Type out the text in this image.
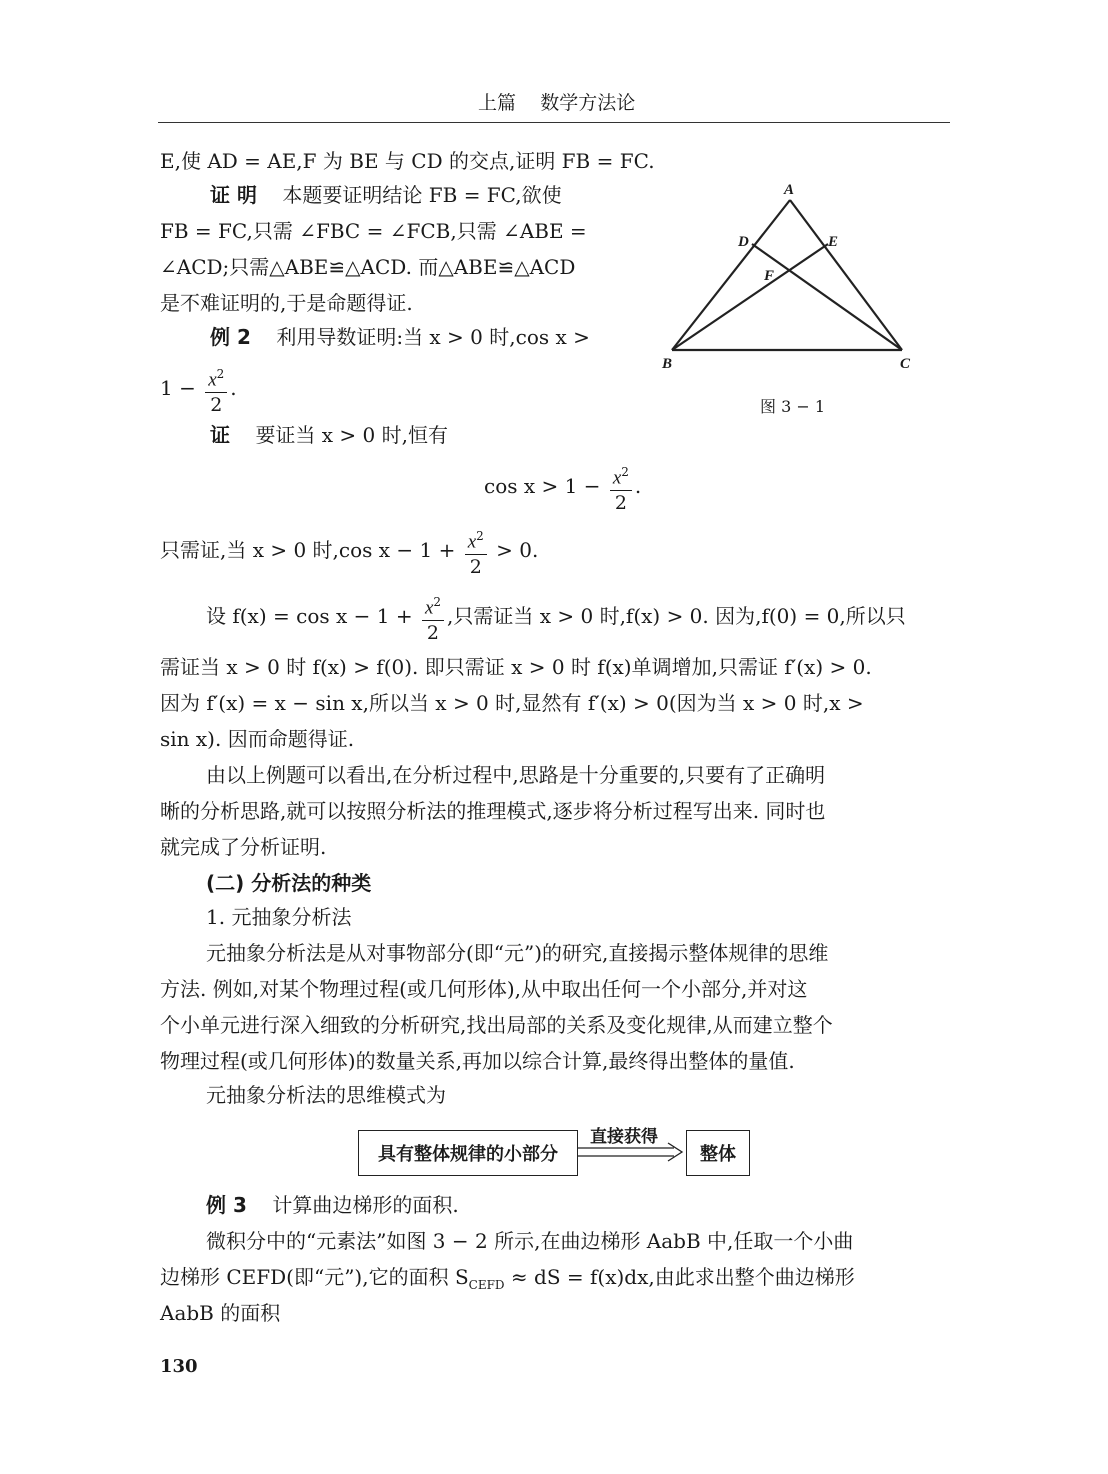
上篇 数学方法论
E,使 AD = AE,F 为 BE 与 CD 的交点,证明 FB = FC.
证 明 本题要证明结论 FB = FC,欲使
FB = FC,只需 ∠FBC = ∠FCB,只需 ∠ABE =
∠ACD;只需△ABE≌△ACD. 而△ABE≌△ACD
是不难证明的,于是命题得证.
例 2 利用导数证明:当 x > 0 时,cos x >
$1 - \frac{x^2}{2}$ .
证 要证当 x > 0 时,恒有
$\cos x > 1 - \frac{x^2}{2}$ .
只需证,当 x > 0 时,cos $x - 1 + \frac{x^2}{2} > 0$.
设 $f(x) = \cos x - 1 + \frac{x^2}{2}$ ,只需证当 x > 0 时,f(x) > 0. 因为,f(0) = 0,所以只
需证当 x > 0 时 f(x) > f(0). 即只需证 x > 0 时 f(x)单调增加,只需证 f′(x) > 0.
因为 f′(x) = x − sin x,所以当 x > 0 时,显然有 f′(x) > 0(因为当 x > 0 时,x >
sin x). 因而命题得证.
由以上例题可以看出,在分析过程中,思路是十分重要的,只要有了正确明
晰的分析思路,就可以按照分析法的推理模式,逐步将分析过程写出来. 同时也
就完成了分析证明.
(二) 分析法的种类
1. 元抽象分析法
元抽象分析法是从对事物部分(即“元”)的研究,直接揭示整体规律的思维
方法. 例如,对某个物理过程(或几何形体),从中取出任何一个小部分,并对这
个小单元进行深入细致的分析研究,找出局部的关系及变化规律,从而建立整个
物理过程(或几何形体)的数量关系,再加以综合计算,最终得出整体的量值.
元抽象分析法的思维模式为
具有整体规律的小部分
直接获得
整体
例 3 计算曲边梯形的面积.
微积分中的“元素法”如图 3 − 2 所示,在曲边梯形 AabB 中,任取一个小曲
边梯形 CEFD(即“元”),它的面积 $S_{CEFD}$ ≈ dS = f(x)dx,由此求出整个曲边梯形
AabB 的面积
A
B	C
D	E
F
图 3 − 1
130
